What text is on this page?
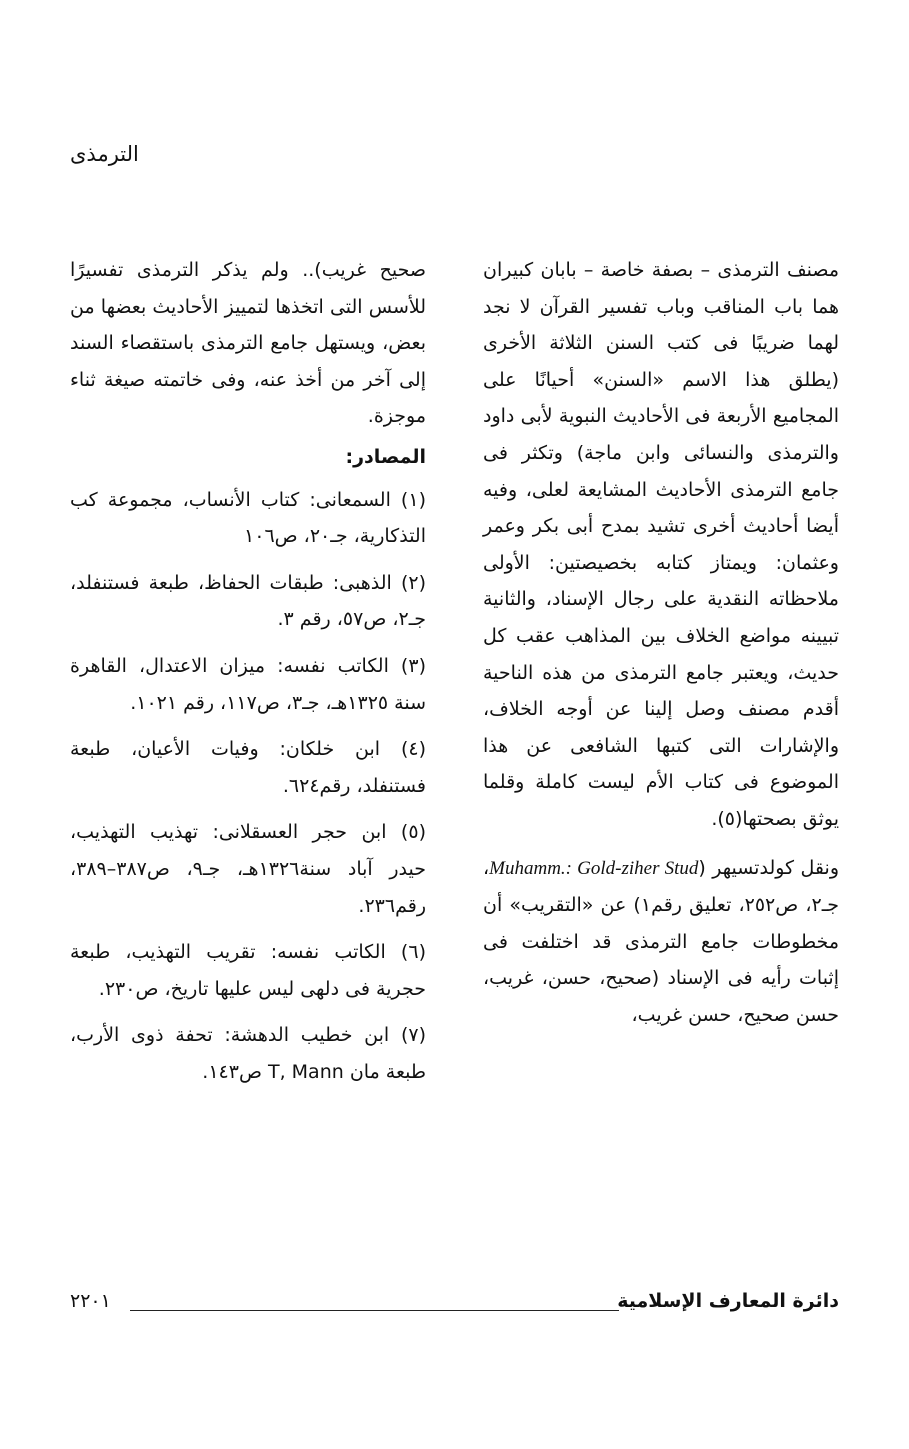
الترمذى

مصنف الترمذى – بصفة خاصة – بابان كبيران هما باب المناقب وباب تفسير القرآن لا نجد لهما ضريبًا فى كتب السنن الثلاثة الأخرى (يطلق هذا الاسم «السنن» أحيانًا على المجاميع الأربعة فى الأحاديث النبوية لأبى داود والترمذى والنسائى وابن ماجة) وتكثر فى جامع الترمذى الأحاديث المشايعة لعلى، وفيه أيضا أحاديث أخرى تشيد بمدح أبى بكر وعمر وعثمان: ويمتاز كتابه بخصيصتين: الأولى ملاحظاته النقدية على رجال الإسناد، والثانية تبيينه مواضع الخلاف بين المذاهب عقب كل حديث، ويعتبر جامع الترمذى من هذه الناحية أقدم مصنف وصل إلينا عن أوجه الخلاف، والإشارات التى كتبها الشافعى عن هذا الموضوع فى كتاب الأم ليست كاملة وقلما يوثق بصحتها(٥).

ونقل كولدتسيهر (Muhamm.: Gold-ziher Stud، جـ٢، ص٢٥٢، تعليق رقم١) عن «التقريب» أن مخطوطات جامع الترمذى قد اختلفت فى إثبات رأيه فى الإسناد (صحيح، حسن، غريب، حسن صحيح، حسن غريب،

صحيح غريب).. ولم يذكر الترمذى تفسيرًا للأسس التى اتخذها لتمييز الأحاديث بعضها من بعض، ويستهل جامع الترمذى باستقصاء السند إلى آخر من أخذ عنه، وفى خاتمته صيغة ثناء موجزة.

المصادر:

(١) السمعانى: كتاب الأنساب، مجموعة كب التذكارية، جـ٢٠، ص١٠٦

(٢) الذهبى: طبقات الحفاظ، طبعة فستنفلد، جـ٢، ص٥٧، رقم ٣.

(٣) الكاتب نفسه: ميزان الاعتدال، القاهرة سنة ١٣٢٥هـ، جـ٣، ص١١٧، رقم ١٠٢١.

(٤) ابن خلكان: وفيات الأعيان، طبعة فستنفلد، رقم٦٢٤.

(٥) ابن حجر العسقلانى: تهذيب التهذيب، حيدر آباد سنة١٣٢٦هـ، جـ٩، ص٣٨٧–٣٨٩، رقم٢٣٦.

(٦) الكاتب نفسه: تقريب التهذيب، طبعة حجرية فى دلهى ليس عليها تاريخ، ص٢٣٠.

(٧) ابن خطيب الدهشة: تحفة ذوى الأرب، طبعة مان T, Mann ص١٤٣.

دائرة المعارف الإسلامية
٢٢٠١
